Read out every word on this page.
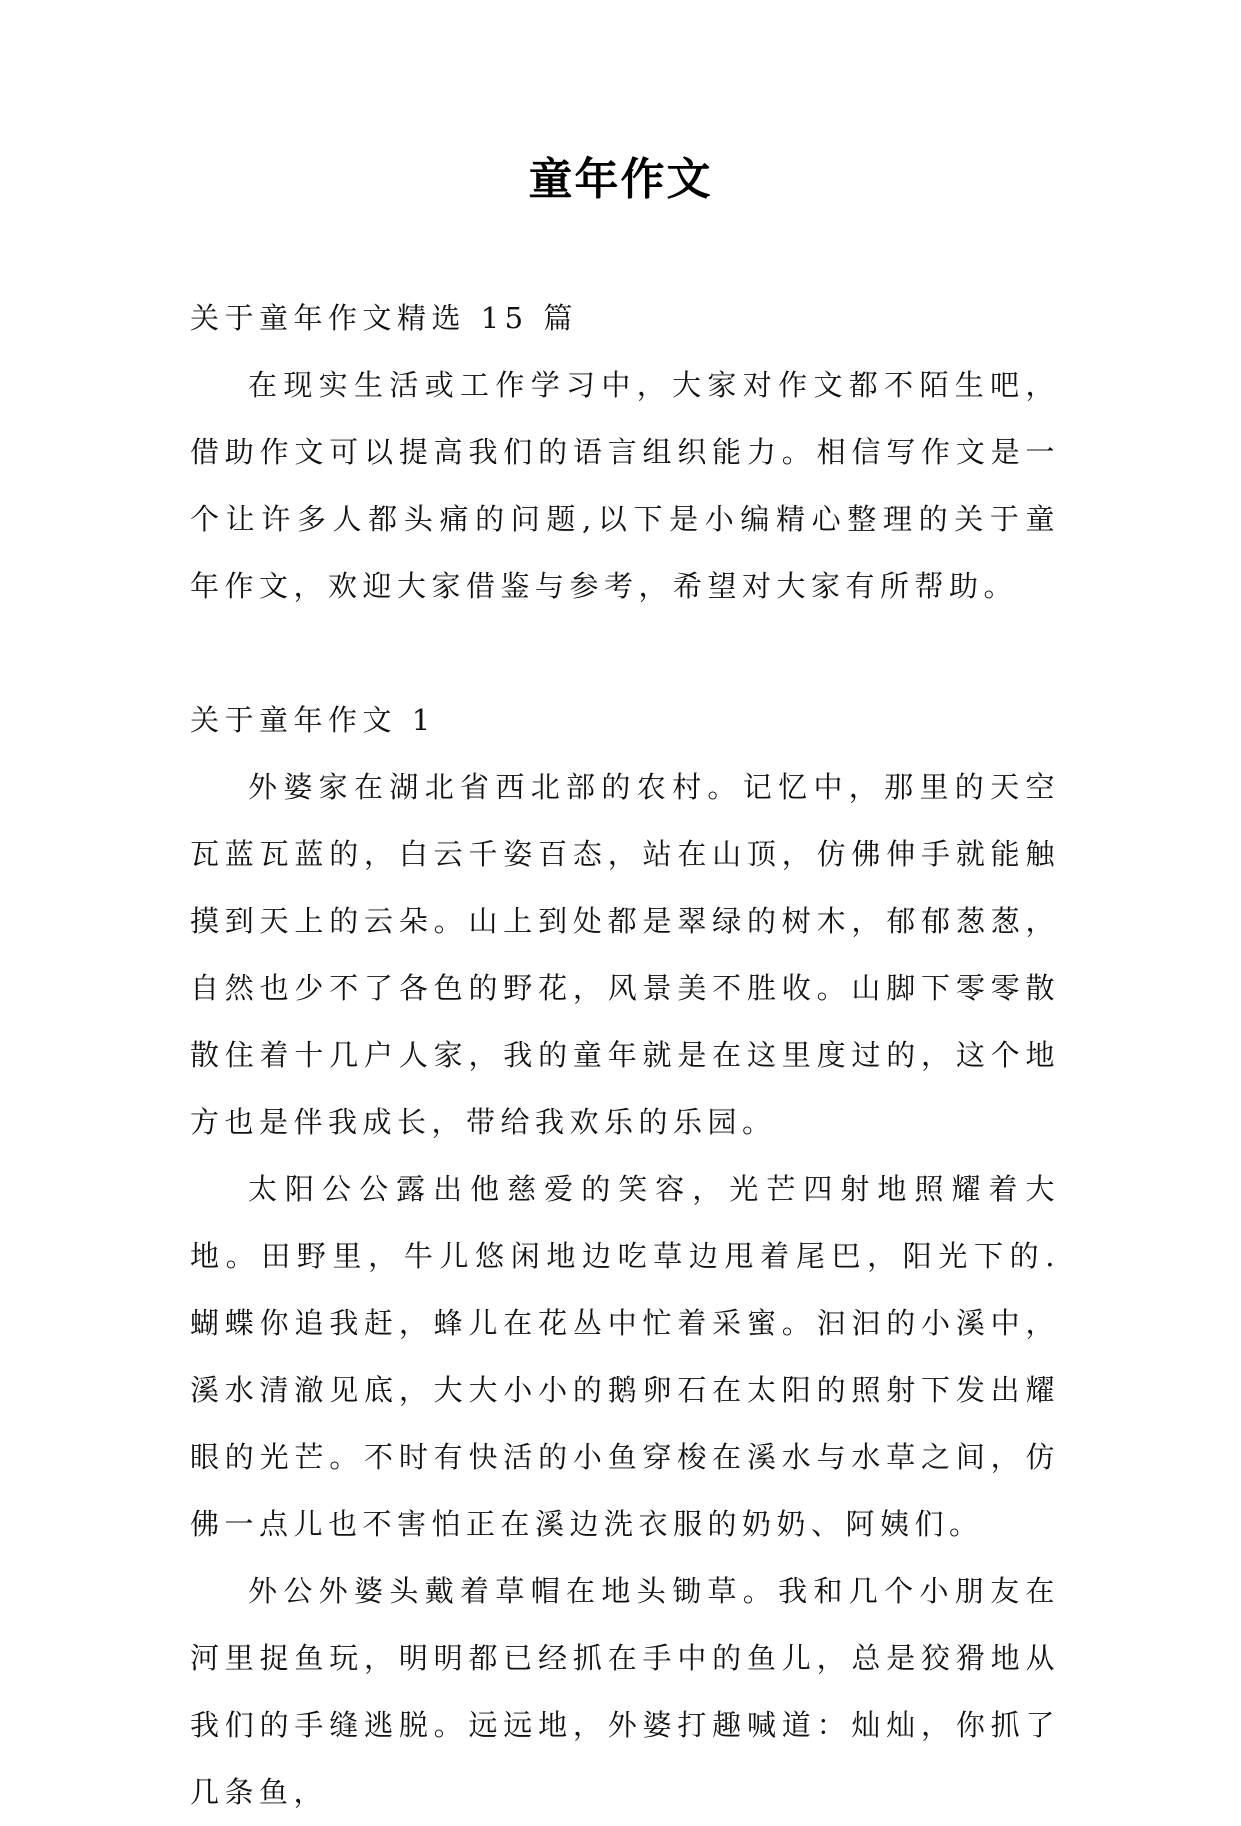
童年作文

关于童年作文精选 15 篇

在现实生活或工作学习中，大家对作文都不陌生吧，借助作文可以提高我们的语言组织能力。相信写作文是一个让许多人都头痛的问题,以下是小编精心整理的关于童年作文，欢迎大家借鉴与参考，希望对大家有所帮助。

关于童年作文 1

外婆家在湖北省西北部的农村。记忆中，那里的天空瓦蓝瓦蓝的，白云千姿百态，站在山顶，仿佛伸手就能触摸到天上的云朵。山上到处都是翠绿的树木，郁郁葱葱，自然也少不了各色的野花，风景美不胜收。山脚下零零散散住着十几户人家，我的童年就是在这里度过的，这个地方也是伴我成长，带给我欢乐的乐园。

太阳公公露出他慈爱的笑容，光芒四射地照耀着大地。田野里，牛儿悠闲地边吃草边甩着尾巴，阳光下的.蝴蝶你追我赶，蜂儿在花丛中忙着采蜜。汩汩的小溪中，溪水清澈见底，大大小小的鹅卵石在太阳的照射下发出耀眼的光芒。不时有快活的小鱼穿梭在溪水与水草之间，仿佛一点儿也不害怕正在溪边洗衣服的奶奶、阿姨们。

外公外婆头戴着草帽在地头锄草。我和几个小朋友在河里捉鱼玩，明明都已经抓在手中的鱼儿，总是狡猾地从我们的手缝逃脱。远远地，外婆打趣喊道：灿灿，你抓了几条鱼，
